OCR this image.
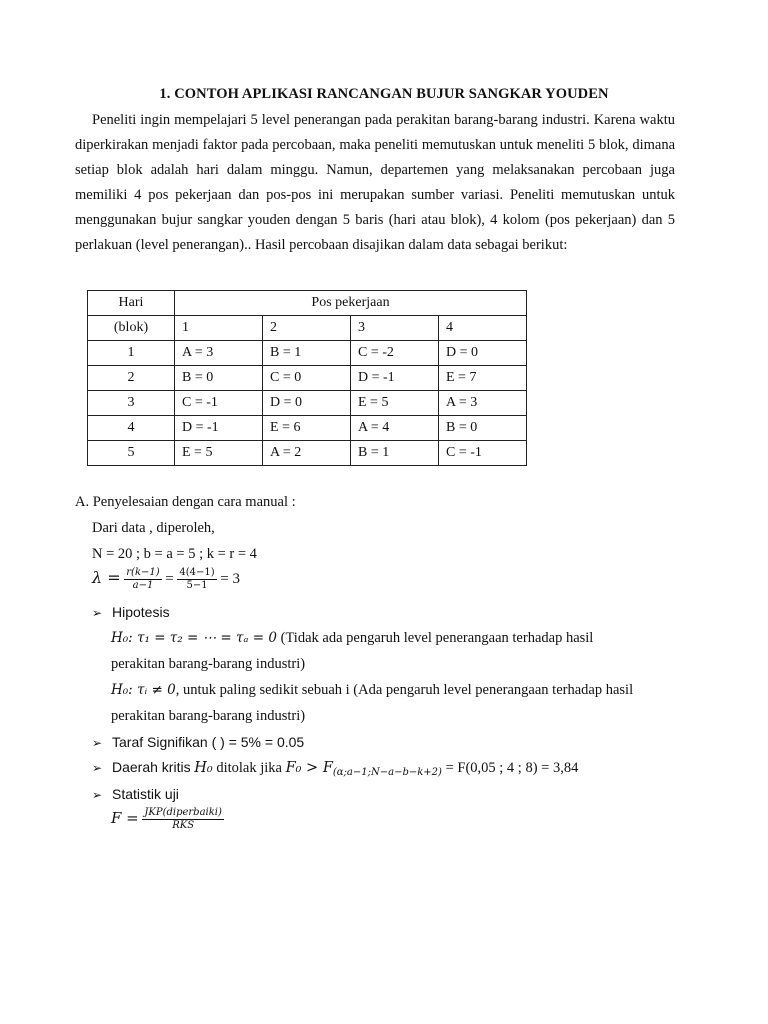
1. CONTOH APLIKASI RANCANGAN BUJUR SANGKAR YOUDEN

Peneliti ingin mempelajari 5 level penerangan pada perakitan barang-barang industri. Karena waktu diperkirakan menjadi faktor pada percobaan, maka peneliti memutuskan untuk meneliti 5 blok, dimana setiap blok adalah hari dalam minggu. Namun, departemen yang melaksanakan percobaan juga memiliki 4 pos pekerjaan dan pos-pos ini merupakan sumber variasi. Peneliti memutuskan untuk menggunakan bujur sangkar youden dengan 5 baris (hari atau blok), 4 kolom (pos pekerjaan) dan 5 perlakuan (level penerangan).. Hasil percobaan disajikan dalam data sebagai berikut:

Hari	Pos pekerjaan			
(blok)	1	2	3	4
1	A = 3	B = 1	C = -2	D = 0
2	B = 0	C = 0	D = -1	E = 7
3	C = -1	D = 0	E = 5	A = 3
4	D = -1	E = 6	A = 4	B = 0
5	E = 5	A = 2	B = 1	C = -1
A. Penyelesaian dengan cara manual :
Dari data , diperoleh,
N = 20 ; b = a = 5 ; k = r = 4
$\lambda = \frac{r(k-1)}{a-1} = \frac{4(4-1)}{5-1} = 3$
➢ Hipotesis
H₀: τ₁ = τ₂ = ⋯ = τₐ = 0 (Tidak ada pengaruh level penerangaan terhadap hasil
perakitan barang-barang industri)
H₀: τᵢ ≠ 0, untuk paling sedikit sebuah i (Ada pengaruh level penerangaan terhadap hasil
perakitan barang-barang industri)
➢ Taraf Signifikan ( ) = 5% = 0.05
➢ Daerah kritis H₀ ditolak jika $F_0 > F_{(\alpha;a-1;N-a-b-k+2)} = F(0,05$ ; 4 ; 8) = 3,84
➢ Statistik uji
$F = \frac{\text{JKP(diperbaiki)}}{\text{RKS}}$
